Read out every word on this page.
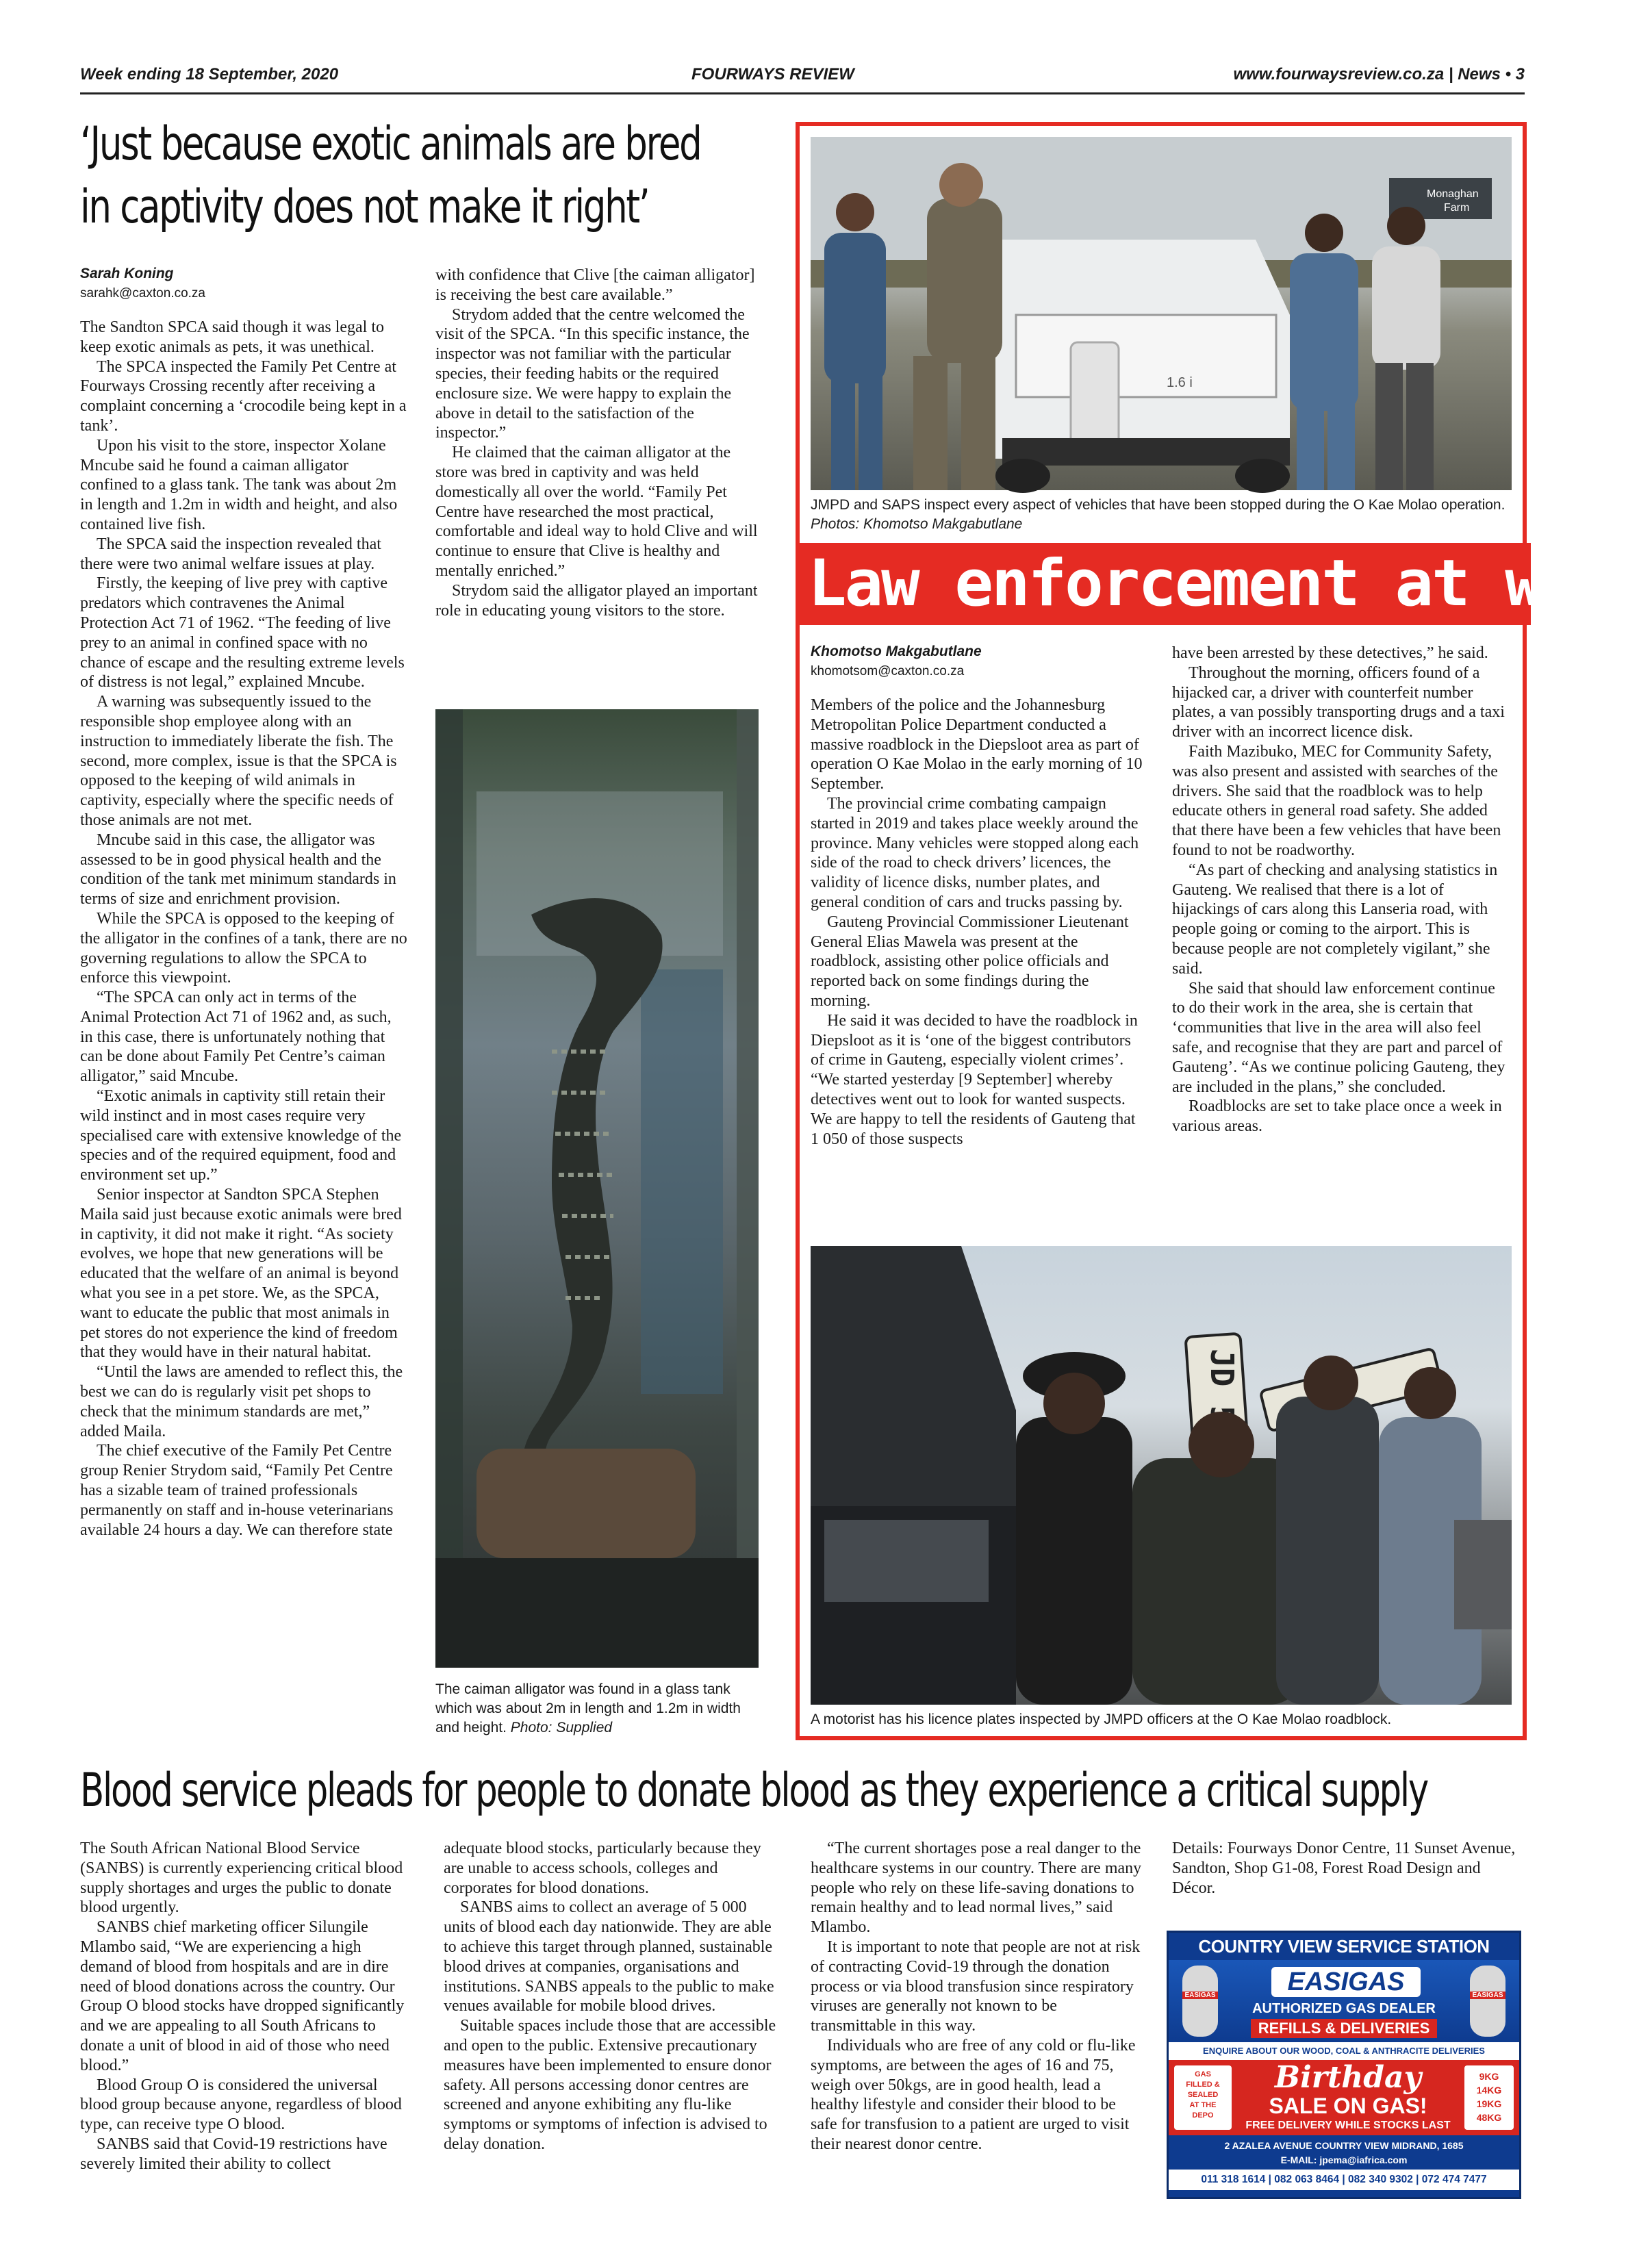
Week ending 18 September, 2020	FOURWAYS REVIEW	www.fourwaysreview.co.za | News • 3
‘Just because exotic animals are bred
in captivity does not make it right’
Sarah Koning
sarahk@caxton.co.za

The Sandton SPCA said though it was legal to keep exotic animals as pets, it was unethical.

The SPCA inspected the Family Pet Centre at Fourways Crossing recently after receiving a complaint concerning a ‘crocodile being kept in a tank’.

Upon his visit to the store, inspector Xolane Mncube said he found a caiman alligator confined to a glass tank. The tank was about 2m in length and 1.2m in width and height, and also contained live fish.

The SPCA said the inspection revealed that there were two animal welfare issues at play.

Firstly, the keeping of live prey with captive predators which contravenes the Animal Protection Act 71 of 1962. “The feeding of live prey to an animal in confined space with no chance of escape and the resulting extreme levels of distress is not legal,” explained Mncube.

A warning was subsequently issued to the responsible shop employee along with an instruction to immediately liberate the fish. The second, more complex, issue is that the SPCA is opposed to the keeping of wild animals in captivity, especially where the specific needs of those animals are not met.

Mncube said in this case, the alligator was assessed to be in good physical health and the condition of the tank met minimum standards in terms of size and enrichment provision.

While the SPCA is opposed to the keeping of the alligator in the confines of a tank, there are no governing regulations to allow the SPCA to enforce this viewpoint.

“The SPCA can only act in terms of the Animal Protection Act 71 of 1962 and, as such, in this case, there is unfortunately nothing that can be done about Family Pet Centre’s caiman alligator,” said Mncube.

“Exotic animals in captivity still retain their wild instinct and in most cases require very specialised care with extensive knowledge of the species and of the required equipment, food and environment set up.”

Senior inspector at Sandton SPCA Stephen Maila said just because exotic animals were bred in captivity, it did not make it right. “As society evolves, we hope that new generations will be educated that the welfare of an animal is beyond what you see in a pet store. We, as the SPCA, want to educate the public that most animals in pet stores do not experience the kind of freedom that they would have in their natural habitat.

“Until the laws are amended to reflect this, the best we can do is regularly visit pet shops to check that the minimum standards are met,” added Maila.

The chief executive of the Family Pet Centre group Renier Strydom said, “Family Pet Centre has a sizable team of trained professionals permanently on staff and in-house veterinarians available 24 hours a day. We can therefore state

with confidence that Clive [the caiman alligator] is receiving the best care available.”

Strydom added that the centre welcomed the visit of the SPCA. “In this specific instance, the inspector was not familiar with the particular species, their feeding habits or the required enclosure size. We were happy to explain the above in detail to the satisfaction of the inspector.”

He claimed that the caiman alligator at the store was bred in captivity and was held domestically all over the world. “Family Pet Centre have researched the most practical, comfortable and ideal way to hold Clive and will continue to ensure that Clive is healthy and mentally enriched.”

Strydom said the alligator played an important role in educating young visitors to the store.

The caiman alligator was found in a glass tank which was about 2m in length and 1.2m in width and height. Photo: Supplied
Monaghan
Farm
1.6 i
JMPD and SAPS inspect every aspect of vehicles that have been stopped during the O Kae Molao operation. Photos: Khomotso Makgabutlane
Law enforcement at work
Khomotso Makgabutlane
khomotsom@caxton.co.za

Members of the police and the Johannesburg Metropolitan Police Department conducted a massive roadblock in the Diepsloot area as part of operation O Kae Molao in the early morning of 10 September.

The provincial crime combating campaign started in 2019 and takes place weekly around the province. Many vehicles were stopped along each side of the road to check drivers’ licences, the validity of licence disks, number plates, and general condition of cars and trucks passing by.

Gauteng Provincial Commissioner Lieutenant General Elias Mawela was present at the roadblock, assisting other police officials and reported back on some findings during the morning.

He said it was decided to have the roadblock in Diepsloot as it is ‘one of the biggest contributors of crime in Gauteng, especially violent crimes’. “We started yesterday [9 September] whereby detectives went out to look for wanted suspects. We are happy to tell the residents of Gauteng that 1 050 of those suspects

have been arrested by these detectives,” he said.

Throughout the morning, officers found of a hijacked car, a driver with counterfeit number plates, a van possibly transporting drugs and a taxi driver with an incorrect licence disk.

Faith Mazibuko, MEC for Community Safety, was also present and assisted with searches of the drivers. She said that the roadblock was to help educate others in general road safety. She added that there have been a few vehicles that have been found to not be roadworthy.

“As part of checking and analysing statistics in Gauteng. We realised that there is a lot of hijackings of cars along this Lanseria road, with people going or coming to the airport. This is because people are not completely vigilant,” she said.

She said that should law enforcement continue to do their work in the area, she is certain that ‘communities that live in the area will also feel safe, and recognise that they are part and parcel of Gauteng’. “As we continue policing Gauteng, they are included in the plans,” she concluded.

Roadblocks are set to take place once a week in various areas.

A motorist has his licence plates inspected by JMPD officers at the O Kae Molao roadblock.
Blood service pleads for people to donate blood as they experience a critical supply

The South African National Blood Service (SANBS) is currently experiencing critical blood supply shortages and urges the public to donate blood urgently.

SANBS chief marketing officer Silungile Mlambo said, “We are experiencing a high demand of blood from hospitals and are in dire need of blood donations across the country. Our Group O blood stocks have dropped significantly and we are appealing to all South Africans to donate a unit of blood in aid of those who need blood.”

Blood Group O is considered the universal blood group because anyone, regardless of blood type, can receive type O blood.

SANBS said that Covid-19 restrictions have severely limited their ability to collect

adequate blood stocks, particularly because they are unable to access schools, colleges and corporates for blood donations.

SANBS aims to collect an average of 5 000 units of blood each day nationwide. They are able to achieve this target through planned, sustainable blood drives at companies, organisations and institutions. SANBS appeals to the public to make venues available for mobile blood drives.

Suitable spaces include those that are accessible and open to the public. Extensive precautionary measures have been implemented to ensure donor safety. All persons accessing donor centres are screened and anyone exhibiting any flu-like symptoms or symptoms of infection is advised to delay donation.

“The current shortages pose a real danger to the healthcare systems in our country. There are many people who rely on these life-saving donations to remain healthy and to lead normal lives,” said Mlambo.

It is important to note that people are not at risk of contracting Covid-19 through the donation process or via blood transfusion since respiratory viruses are generally not known to be transmittable in this way.

Individuals who are free of any cold or flu-like symptoms, are between the ages of 16 and 75, weigh over 50kgs, are in good health, lead a healthy lifestyle and consider their blood to be safe for transfusion to a patient are urged to visit their nearest donor centre.

Details: Fourways Donor Centre, 11 Sunset Avenue, Sandton, Shop G1-08, Forest Road Design and Décor.

COUNTRY VIEW SERVICE STATION
EASIGAS	EASIGAS
EASIGAS
AUTHORIZED GAS DEALER
REFILLS & DELIVERIES
ENQUIRE ABOUT OUR WOOD, COAL & ANTHRACITE DELIVERIES
GAS
FILLED &
SEALED
AT THE
DEPO
9KG
14KG
19KG
48KG
Birthday
SALE ON GAS!
FREE DELIVERY WHILE STOCKS LAST
2 AZALEA AVENUE COUNTRY VIEW MIDRAND, 1685
E-MAIL: jpema@iafrica.com
011 318 1614 | 082 063 8464 | 082 340 9302 | 072 474 7477
